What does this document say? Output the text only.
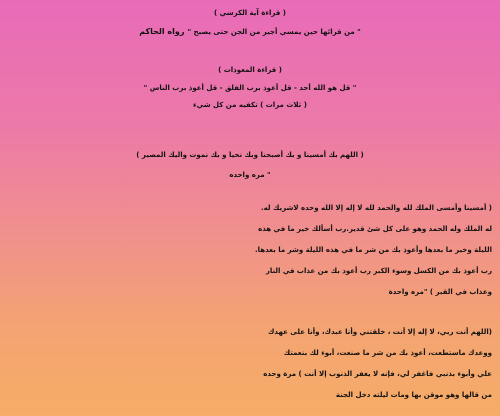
( قراءة آية الكرسي )
" من قرائها حين يمسي أجير من الجن حتى يصبح "رواه الحاكم
( قراءة المعوذات )
" قل هو الله أحد - قل أعوذ برب الفلق - قل أعوذ برب الناس "
( ثلاث مرات ) تكفيه من كل شيء
( اللهم بك أمسينا و بك أصبحنا وبك نحيا و بك نموت واليك المصير )
" مره واحده
( أمسينا وأمسى الملك لله والحمد لله لا إله إلا الله وحده لاشريك له.
له الملك وله الحمد وهو على كل شئ قدير.رب أسألك خير ما في هذه
الليلة وخير ما بعدها وأعوذ بك من شر ما في هذه الليلة وشر ما بعدها.
رب أعوذ بك من الكسل وسوء الكبر رب أعوذ بك من عذاب في النار
وعذاب في القبر ) "مره واحدة
(اللهم أنت ربي، لا إله إلا أنت ، خلقتني وأنا عبدك، وأنا على عهدك
ووعدك ماستطعت، أعوذ بك من شر ما صنعت، أبوء لك بنعمتك
علي وأبوء بذنبي فاغفر لي، فإنه لا يغفر الذنوب إلا أنت ) مرة وحده
من قالها وهو موقن بها ومات ليلته دخل الجنة
